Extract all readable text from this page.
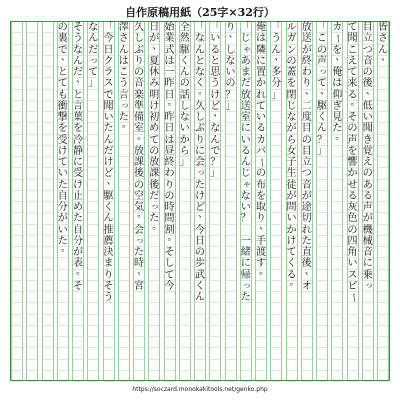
自作原稿用紙（25字×32行）
皆
さ
ん
、
目
立
つ
音
の
後
、
低
い
聞
き
覚
え
の
あ
る
声
が
機
械
音
に
乗
っ
て
聞
こ
え
て
来
る
。
そ
の
声
を
響
か
せ
る
灰
色
の
四
角
い
ス
ピ
ー
カ
ー
を
、
俺
は
仰
ぎ
見
た
。
「
こ
の
声
っ
て
、
駆
く
ん
？
」
放
送
が
終
わ
り
、
二
度
目
の
目
立
つ
音
が
途
切
れ
た
直
後
、
オ
ル
ガ
ン
の
蓋
を
閉
じ
な
が
ら
女
子
生
徒
が
問
い
か
け
て
く
る
。
「
う
ん
、
多
分
」
俺
は
隣
に
置
か
れ
て
い
る
カ
バ
ー
の
布
を
取
り
、
手
渡
す
。
「
じ
ゃ
あ
ま
だ
放
送
室
に
い
る
ん
じ
ゃ
な
い
？

一
緒
に
帰
っ
た
り
、
し
な
い
の
？
」
「
い
る
と
思
う
け
ど
、
な
ん
で
？
」
「
な
ん
と
な
く
。
久
し
ぶ
り
に
会
っ
た
け
ど
、
今
日
の
歩
武
く
ん
全
然
駆
く
ん
の
話
し
な
い
か
ら
」
始
業
式
は
一
昨
日
。
昨
日
は
昼
終
わ
り
の
時
間
割
。
そ
し
て
今
日
が
、
夏
休
み
明
け
初
め
て
の
放
課
後
だ
っ
た
。
久
し
ぶ
り
の
音
楽
準
備
室
。
放
課
後
の
空
気
。
会
っ
た
時
、
宮
澤
さ
ん
は
こ
う
言
っ
た
。
「
今
日
ク
ラ
ス
で
聞
い
た
ん
だ
け
ど
、
駆
く
ん
推
薦
決
ま
り
そ
う
な
ん
だ
っ
て
」
そ
う
な
ん
だ
、
と
言
葉
を
冷
静
に
受
け
止
め
た
自
分
が
表
。
そ
の
裏
で
、
と
て
も
衝
撃
を
受
け
て
い
た
自
分
が
い
た
。
https://soczard.monokakitools.net/genko.php
